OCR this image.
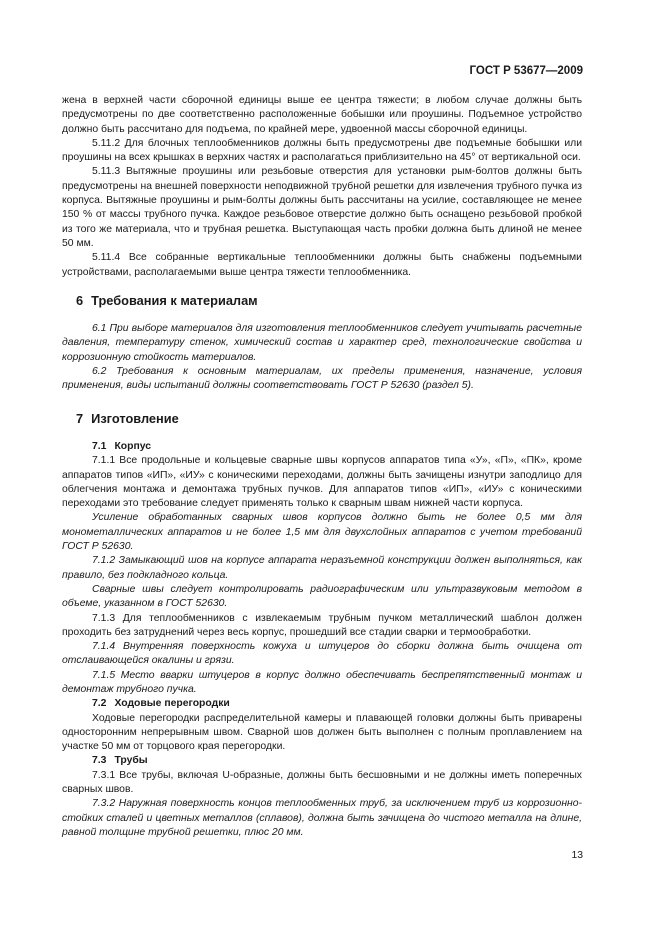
ГОСТ Р 53677—2009

жена в верхней части сборочной единицы выше ее центра тяжести; в любом случае должны быть предусмотрены по две соответственно расположенные бобышки или проушины. Подъемное устройство должно быть рассчитано для подъема, по крайней мере, удвоенной массы сборочной единицы.

5.11.2 Для блочных теплообменников должны быть предусмотрены две подъемные бобышки или проушины на всех крышках в верхних частях и располагаться приблизительно на 45° от вертикальной оси.

5.11.3 Вытяжные проушины или резьбовые отверстия для установки рым-болтов должны быть предусмотрены на внешней поверхности неподвижной трубной решетки для извлечения трубного пучка из корпуса. Вытяжные проушины и рым-болты должны быть рассчитаны на усилие, составляющее не менее 150 % от массы трубного пучка. Каждое резьбовое отверстие должно быть оснащено резьбовой пробкой из того же материала, что и трубная решетка. Выступающая часть пробки должна быть длиной не менее 50 мм.

5.11.4 Все собранные вертикальные теплообменники должны быть снабжены подъемными устройствами, располагаемыми выше центра тяжести теплообменника.

6 Требования к материалам

6.1 При выборе материалов для изготовления теплообменников следует учитывать расчетные давления, температуру стенок, химический состав и характер сред, технологические свойства и коррозионную стойкость материалов.

6.2 Требования к основным материалам, их пределы применения, назначение, условия применения, виды испытаний должны соответствовать ГОСТ Р 52630 (раздел 5).

7 Изготовление

7.1 Корпус

7.1.1 Все продольные и кольцевые сварные швы корпусов аппаратов типа «У», «П», «ПК», кроме аппаратов типов «ИП», «ИУ» с коническими переходами, должны быть зачищены изнутри заподлицо для облегчения монтажа и демонтажа трубных пучков. Для аппаратов типов «ИП», «ИУ» с коническими переходами это требование следует применять только к сварным швам нижней части корпуса.

Усиление обработанных сварных швов корпусов должно быть не более 0,5 мм для монометаллических аппаратов и не более 1,5 мм для двухслойных аппаратов с учетом требований ГОСТ Р 52630.

7.1.2 Замыкающий шов на корпусе аппарата неразъемной конструкции должен выполняться, как правило, без подкладного кольца.

Сварные швы следует контролировать радиографическим или ультразвуковым методом в объеме, указанном в ГОСТ 52630.

7.1.3 Для теплообменников с извлекаемым трубным пучком металлический шаблон должен проходить без затруднений через весь корпус, прошедший все стадии сварки и термообработки.

7.1.4 Внутренняя поверхность кожуха и штуцеров до сборки должна быть очищена от отслаивающейся окалины и грязи.

7.1.5 Место вварки штуцеров в корпус должно обеспечивать беспрепятственный монтаж и демонтаж трубного пучка.

7.2 Ходовые перегородки

Ходовые перегородки распределительной камеры и плавающей головки должны быть приварены односторонним непрерывным швом. Сварной шов должен быть выполнен с полным проплавлением на участке 50 мм от торцового края перегородки.

7.3 Трубы

7.3.1 Все трубы, включая U-образные, должны быть бесшовными и не должны иметь поперечных сварных швов.

7.3.2 Наружная поверхность концов теплообменных труб, за исключением труб из коррозионно-стойких сталей и цветных металлов (сплавов), должна быть зачищена до чистого металла на длине, равной толщине трубной решетки, плюс 20 мм.

13
